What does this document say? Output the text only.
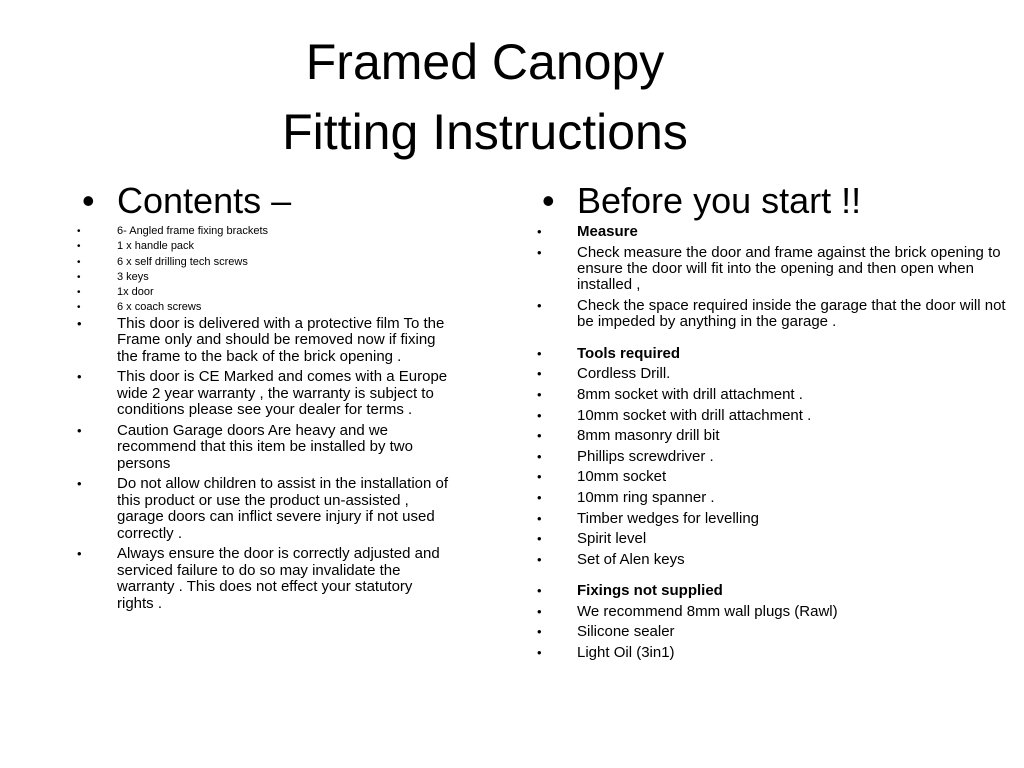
Framed Canopy
Fitting Instructions
• Contents –
•	6- Angled frame fixing brackets
•	1 x handle pack
•	6 x self drilling tech screws
•	3 keys
•	1x door
•	6 x coach screws
• This door is delivered with a protective film To the Frame only and should be removed now if fixing the frame to the back of the brick opening .
• This door is CE Marked and comes with a Europe wide 2 year warranty , the warranty is subject to conditions please see your dealer for terms .
• Caution Garage doors Are heavy and we recommend that this item be installed by two persons
• Do not allow children to assist in the installation of this product or use the product un-assisted , garage doors can inflict severe injury if not used correctly .
• Always ensure the door is correctly adjusted and serviced failure to do so may invalidate the warranty . This does not effect your statutory rights .
• Before you start !!
• Measure
• Check measure the door and frame against the brick opening to ensure the door will fit into the opening and then open when installed ,
• Check the space required inside the garage that the door will not be impeded by anything in the garage .
• Tools required
• Cordless Drill.
• 8mm socket with drill attachment .
• 10mm socket with drill attachment .
• 8mm masonry drill bit
• Phillips screwdriver .
• 10mm socket
• 10mm ring spanner .
• Timber wedges for levelling
• Spirit level
• Set of Alen keys
• Fixings not supplied
• We recommend 8mm wall plugs (Rawl)
• Silicone sealer
• Light Oil (3in1)
